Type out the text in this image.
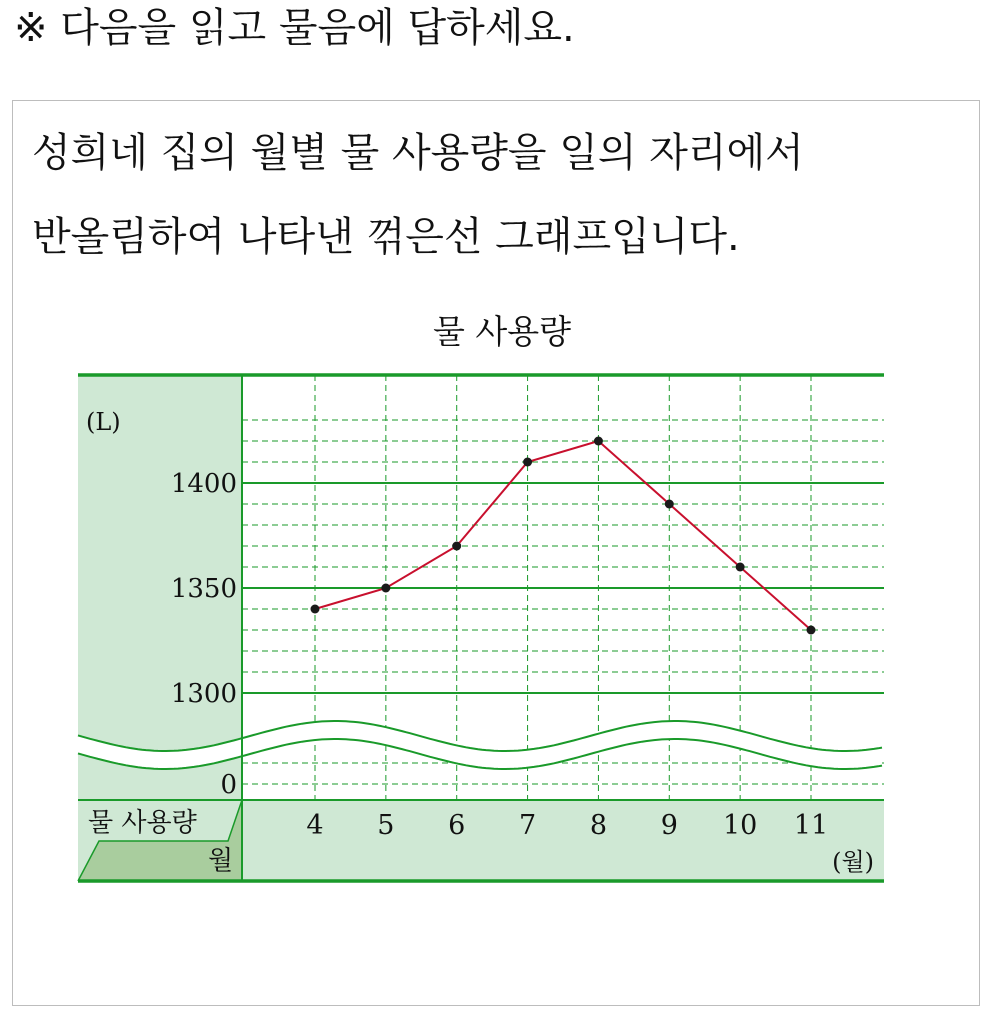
※ 다음을 읽고 물음에 답하세요.
성희네 집의 월별 물 사용량을 일의 자리에서
반올림하여 나타낸 꺾은선 그래프입니다.
물 사용량
(L)
(월)
0
1300
1350
1400
4 5 6 7 8 9 10 11
물 사용량
월
